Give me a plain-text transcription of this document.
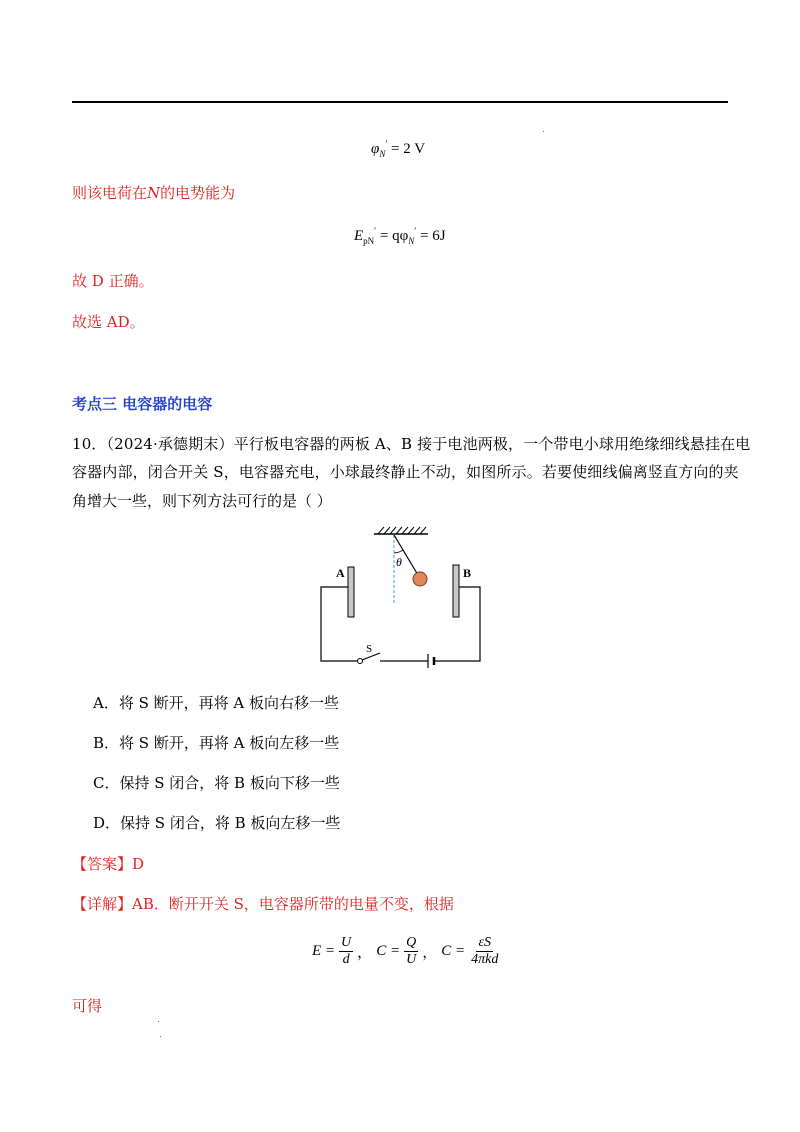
$\varphi_N' = 2$ V
则该电荷在N的电势能为
$E_{pN}' = q\varphi_N' = 6J$
故 D 正确。
故选 AD。
考点三 电容器的电容
10．（2024·承德期末）平行板电容器的两板 A、B 接于电池两极，一个带电小球用绝缘细线悬挂在电
容器内部，闭合开关 S，电容器充电，小球最终静止不动，如图所示。若要使细线偏离竖直方向的夹
角增大一些，则下列方法可行的是（ ）
θ
A	B
S
A．将 S 断开，再将 A 板向右移一些
B．将 S 断开，再将 A 板向左移一些
C．保持 S 闭合，将 B 板向下移一些
D．保持 S 闭合，将 B 板向左移一些
【答案】D
【详解】AB．断开开关 S，电容器所带的电量不变，根据
$E = \frac{U}{d}$ ， $C = \frac{Q}{U}$ ， $C = \frac{\varepsilon S}{\text{4πkd}}$
可得
